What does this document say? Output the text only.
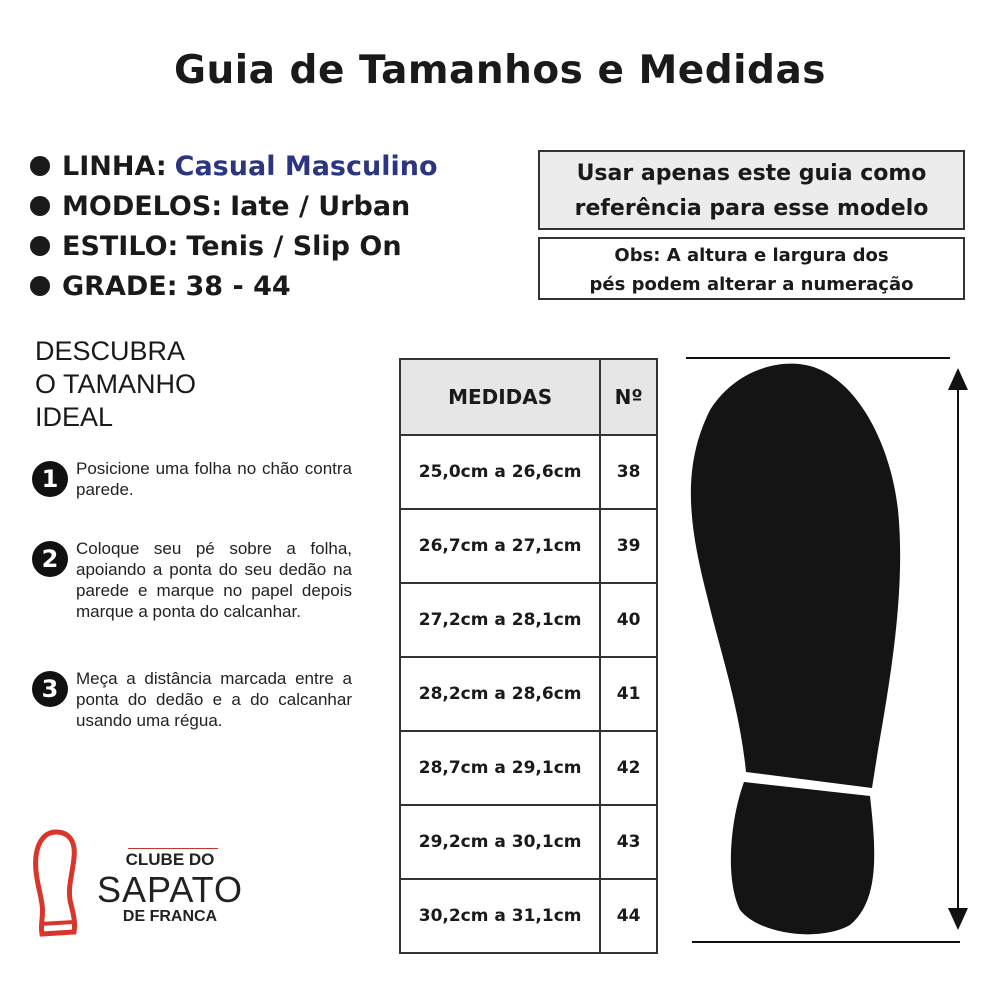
Guia de Tamanhos e Medidas
LINHA: Casual Masculino
MODELOS: Iate / Urban
ESTILO: Tenis / Slip On
GRADE: 38 - 44
Usar apenas este guia como
referência para esse modelo
Obs: A altura e largura dos
pés podem alterar a numeração
DESCUBRA
O TAMANHO
IDEAL
1	Posicione uma folha no chão contra parede.
2	Coloque seu pé sobre a folha, apoiando a ponta do seu dedão na parede e marque no papel depois marque a ponta do calcanhar.
3	Meça a distância marcada entre a ponta do dedão e a do calcanhar usando uma régua.
MEDIDAS	Nº
25,0cm a 26,6cm	38
26,7cm a 27,1cm	39
27,2cm a 28,1cm	40
28,2cm a 28,6cm	41
28,7cm a 29,1cm	42
29,2cm a 30,1cm	43
30,2cm a 31,1cm	44
CLUBE DO
SAPATO
DE FRANCA
